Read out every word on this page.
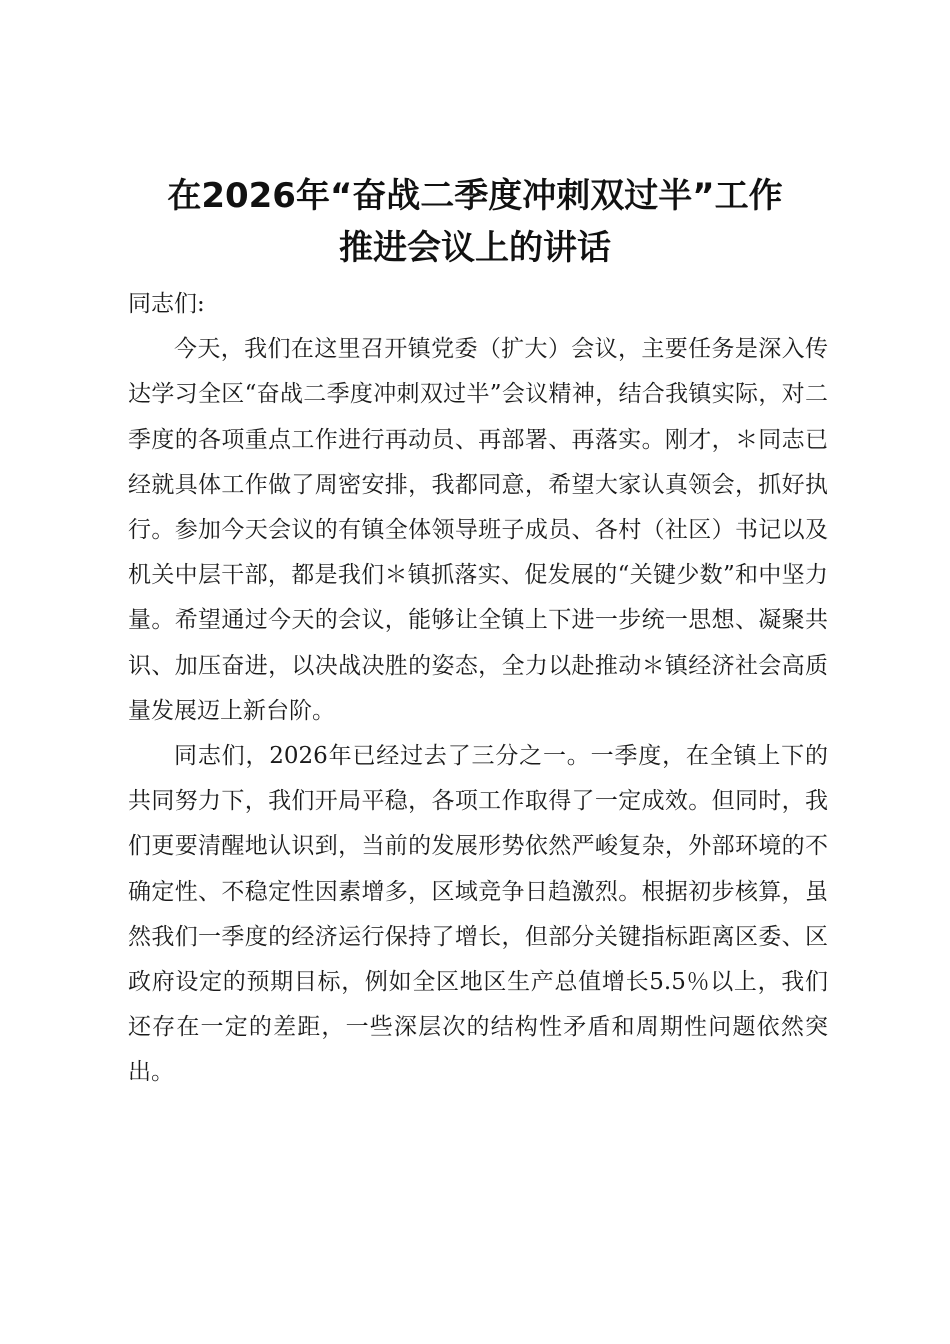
在2026年“奋战二季度冲刺双过半”工作
推进会议上的讲话

同志们:

今天，我们在这里召开镇党委（扩大）会议，主要任务是深入传达学习全区“奋战二季度冲刺双过半”会议精神，结合我镇实际，对二季度的各项重点工作进行再动员、再部署、再落实。刚才，＊同志已经就具体工作做了周密安排，我都同意，希望大家认真领会，抓好执行。参加今天会议的有镇全体领导班子成员、各村（社区）书记以及机关中层干部，都是我们＊镇抓落实、促发展的“关键少数”和中坚力量。希望通过今天的会议，能够让全镇上下进一步统一思想、凝聚共识、加压奋进，以决战决胜的姿态，全力以赴推动＊镇经济社会高质量发展迈上新台阶。

同志们，2026年已经过去了三分之一。一季度，在全镇上下的共同努力下，我们开局平稳，各项工作取得了一定成效。但同时，我们更要清醒地认识到，当前的发展形势依然严峻复杂，外部环境的不确定性、不稳定性因素增多，区域竞争日趋激烈。根据初步核算，虽然我们一季度的经济运行保持了增长，但部分关键指标距离区委、区政府设定的预期目标，例如全区地区生产总值增长5.5％以上，我们还存在一定的差距，一些深层次的结构性矛盾和周期性问题依然突出。
